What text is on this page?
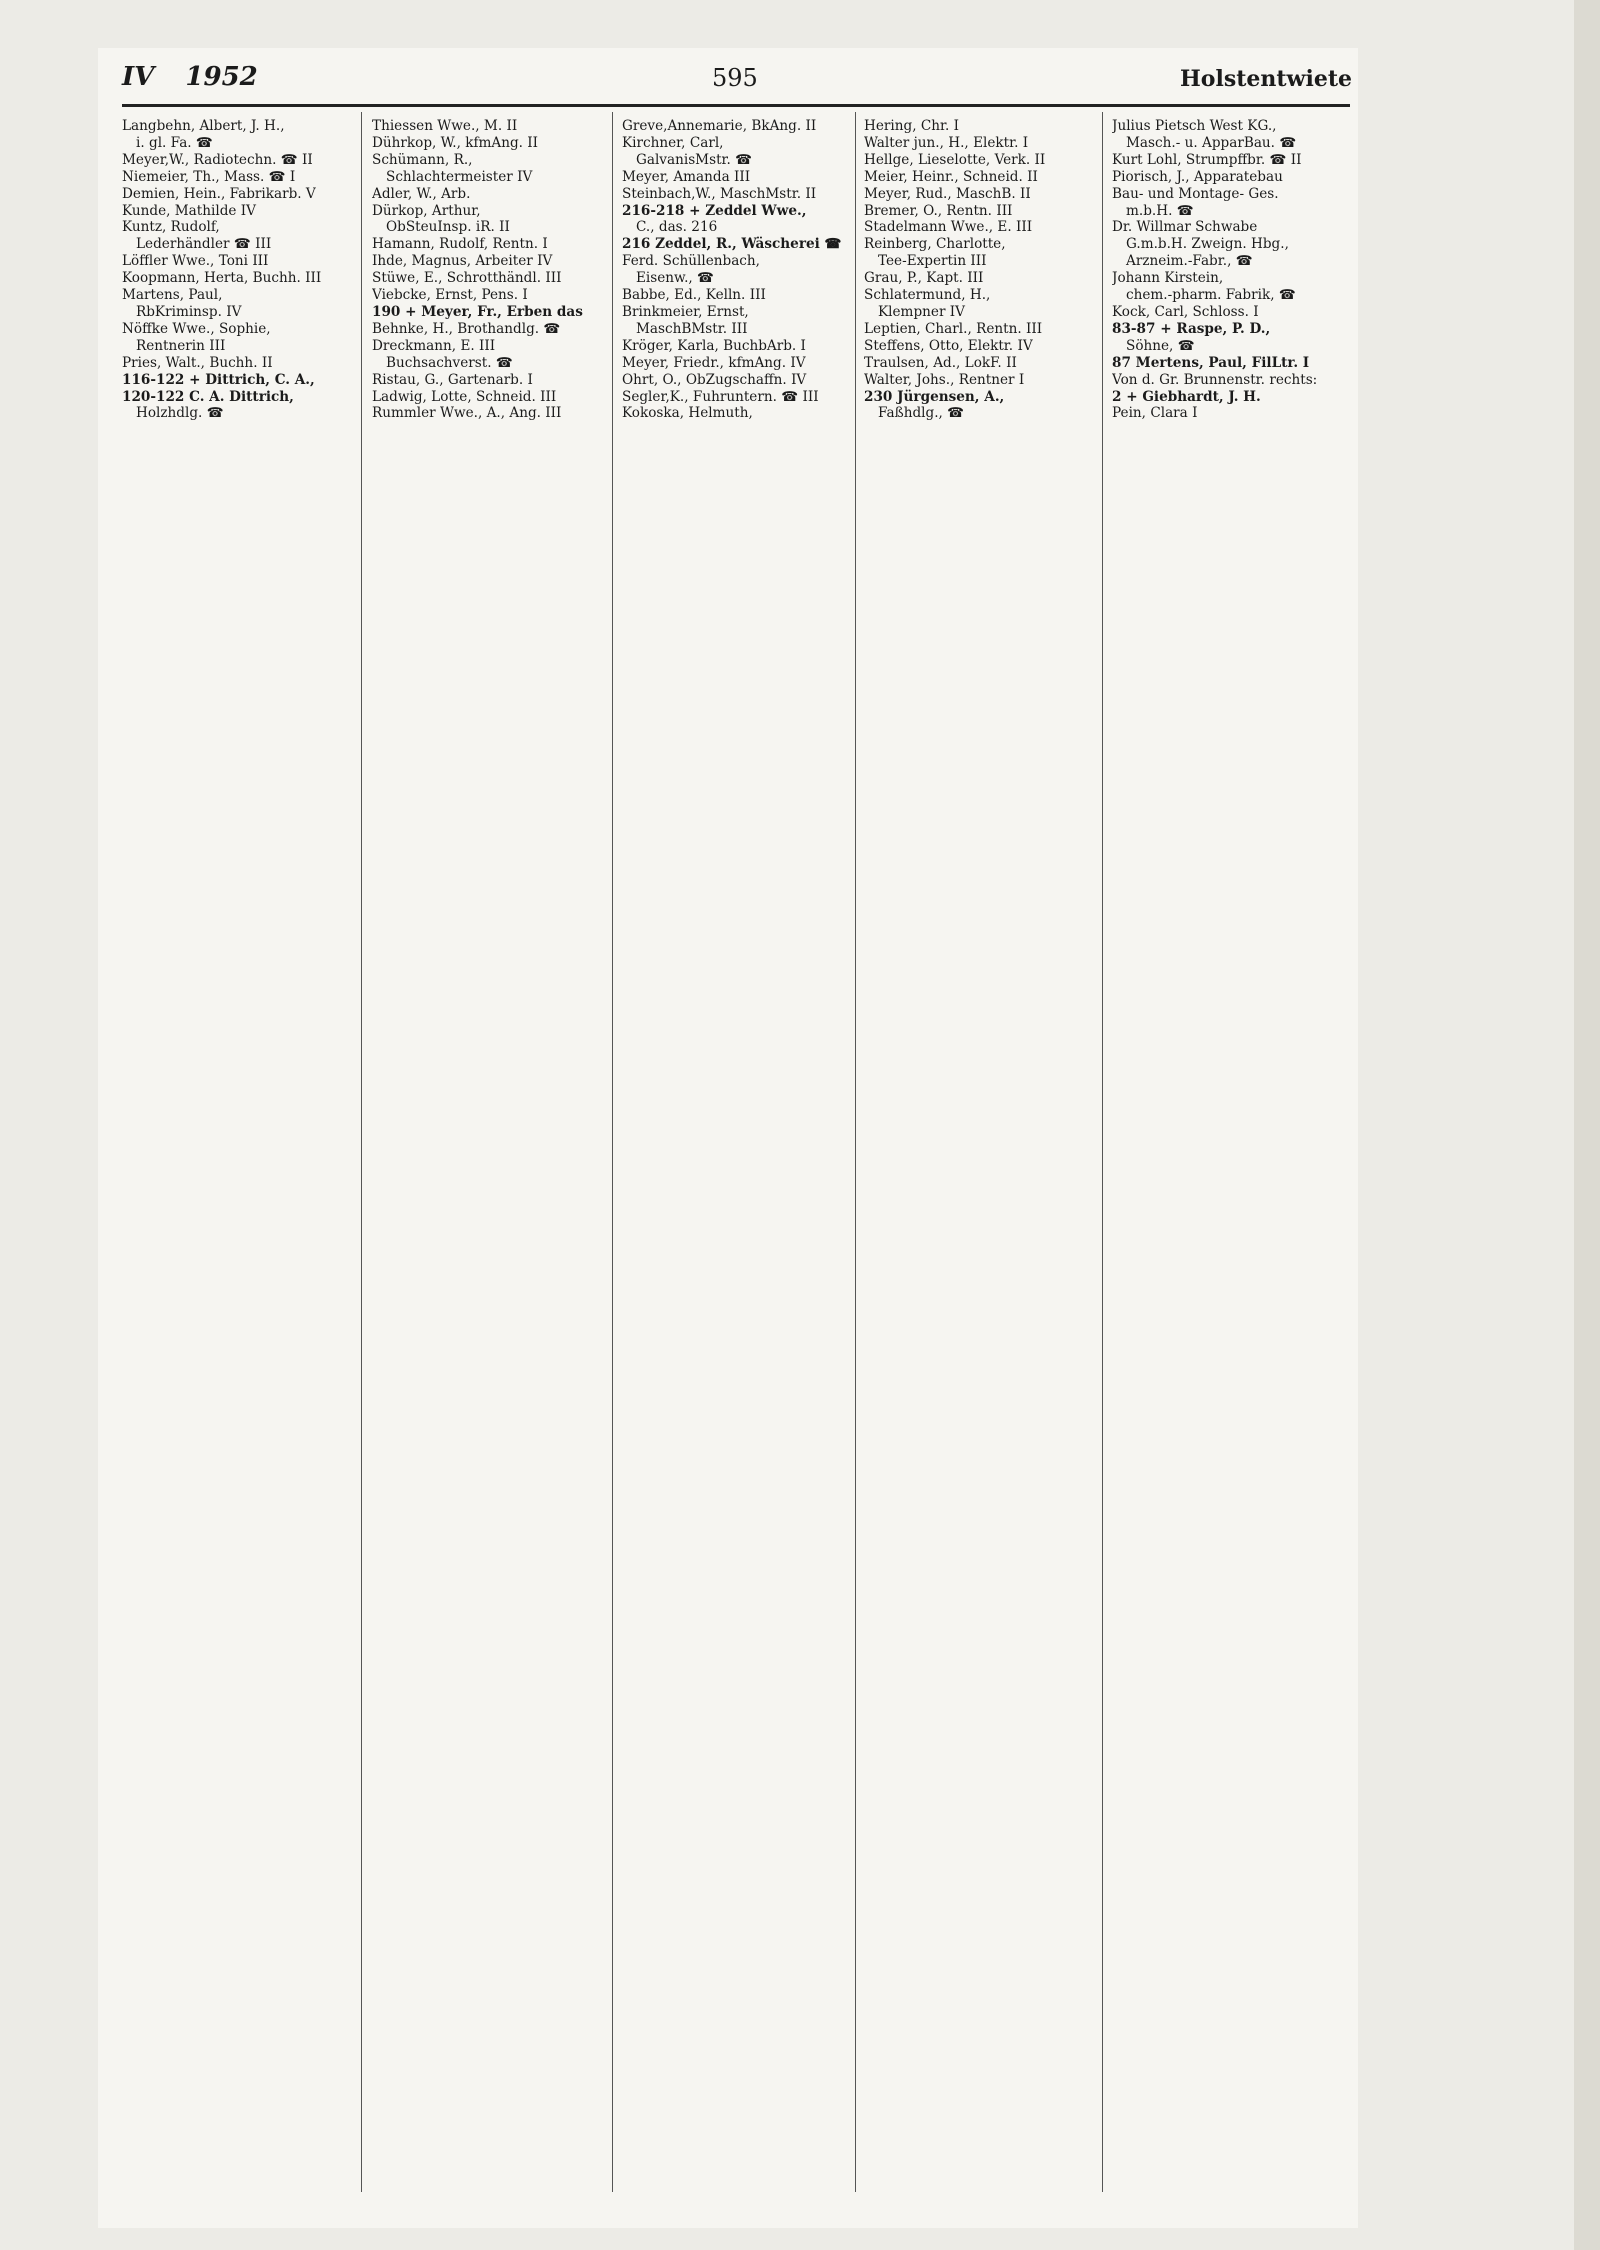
IV 1952	595	Holstentwiete
Langbehn, Albert, J. H.,
i. gl. Fa. ☎
Meyer,W., Radiotechn. ☎ II
Niemeier, Th., Mass. ☎ I
Demien, Hein., Fabrikarb. V
Kunde, Mathilde IV
Kuntz, Rudolf,
Lederhändler ☎ III
Löffler Wwe., Toni III
Koopmann, Herta, Buchh. III
Martens, Paul,
RbKriminsp. IV
Nöffke Wwe., Sophie,
Rentnerin III
Pries, Walt., Buchh. II
116-122 + Dittrich, C. A.,
120-122 C. A. Dittrich,
Holzhdlg. ☎
Thiessen Wwe., M. II
Dührkop, W., kfmAng. II
Schümann, R.,
Schlachtermeister IV
Adler, W., Arb.
Dürkop, Arthur,
ObSteuInsp. iR. II
Hamann, Rudolf, Rentn. I
Ihde, Magnus, Arbeiter IV
Stüwe, E., Schrotthändl. III
Viebcke, Ernst, Pens. I
190 + Meyer, Fr., Erben das
Behnke, H., Brothandlg. ☎
Dreckmann, E. III
Buchsachverst. ☎
Ristau, G., Gartenarb. I
Ladwig, Lotte, Schneid. III
Rummler Wwe., A., Ang. III
Greve,Annemarie, BkAng. II
Kirchner, Carl,
GalvanisMstr. ☎
Meyer, Amanda III
Steinbach,W., MaschMstr. II
216-218 + Zeddel Wwe.,
C., das. 216
216 Zeddel, R., Wäscherei ☎
Ferd. Schüllenbach,
Eisenw., ☎
Babbe, Ed., Kelln. III
Brinkmeier, Ernst,
MaschBMstr. III
Kröger, Karla, BuchbArb. I
Meyer, Friedr., kfmAng. IV
Ohrt, O., ObZugschaffn. IV
Segler,K., Fuhruntern. ☎ III
Kokoska, Helmuth,
Hering, Chr. I
Walter jun., H., Elektr. I
Hellge, Lieselotte, Verk. II
Meier, Heinr., Schneid. II
Meyer, Rud., MaschB. II
Bremer, O., Rentn. III
Stadelmann Wwe., E. III
Reinberg, Charlotte,
Tee-Expertin III
Grau, P., Kapt. III
Schlatermund, H.,
Klempner IV
Leptien, Charl., Rentn. III
Steffens, Otto, Elektr. IV
Traulsen, Ad., LokF. II
Walter, Johs., Rentner I
230 Jürgensen, A.,
Faßhdlg., ☎
Julius Pietsch West KG.,
Masch.- u. ApparBau. ☎
Kurt Lohl, Strumpffbr. ☎ II
Piorisch, J., Apparatebau
Bau- und Montage- Ges.
m.b.H. ☎
Dr. Willmar Schwabe
G.m.b.H. Zweign. Hbg.,
Arzneim.-Fabr., ☎
Johann Kirstein,
chem.-pharm. Fabrik, ☎
Kock, Carl, Schloss. I
83-87 + Raspe, P. D.,
Söhne, ☎
87 Mertens, Paul, FilLtr. I
Von d. Gr. Brunnenstr. rechts:
2 + Giebhardt, J. H.
Pein, Clara I
